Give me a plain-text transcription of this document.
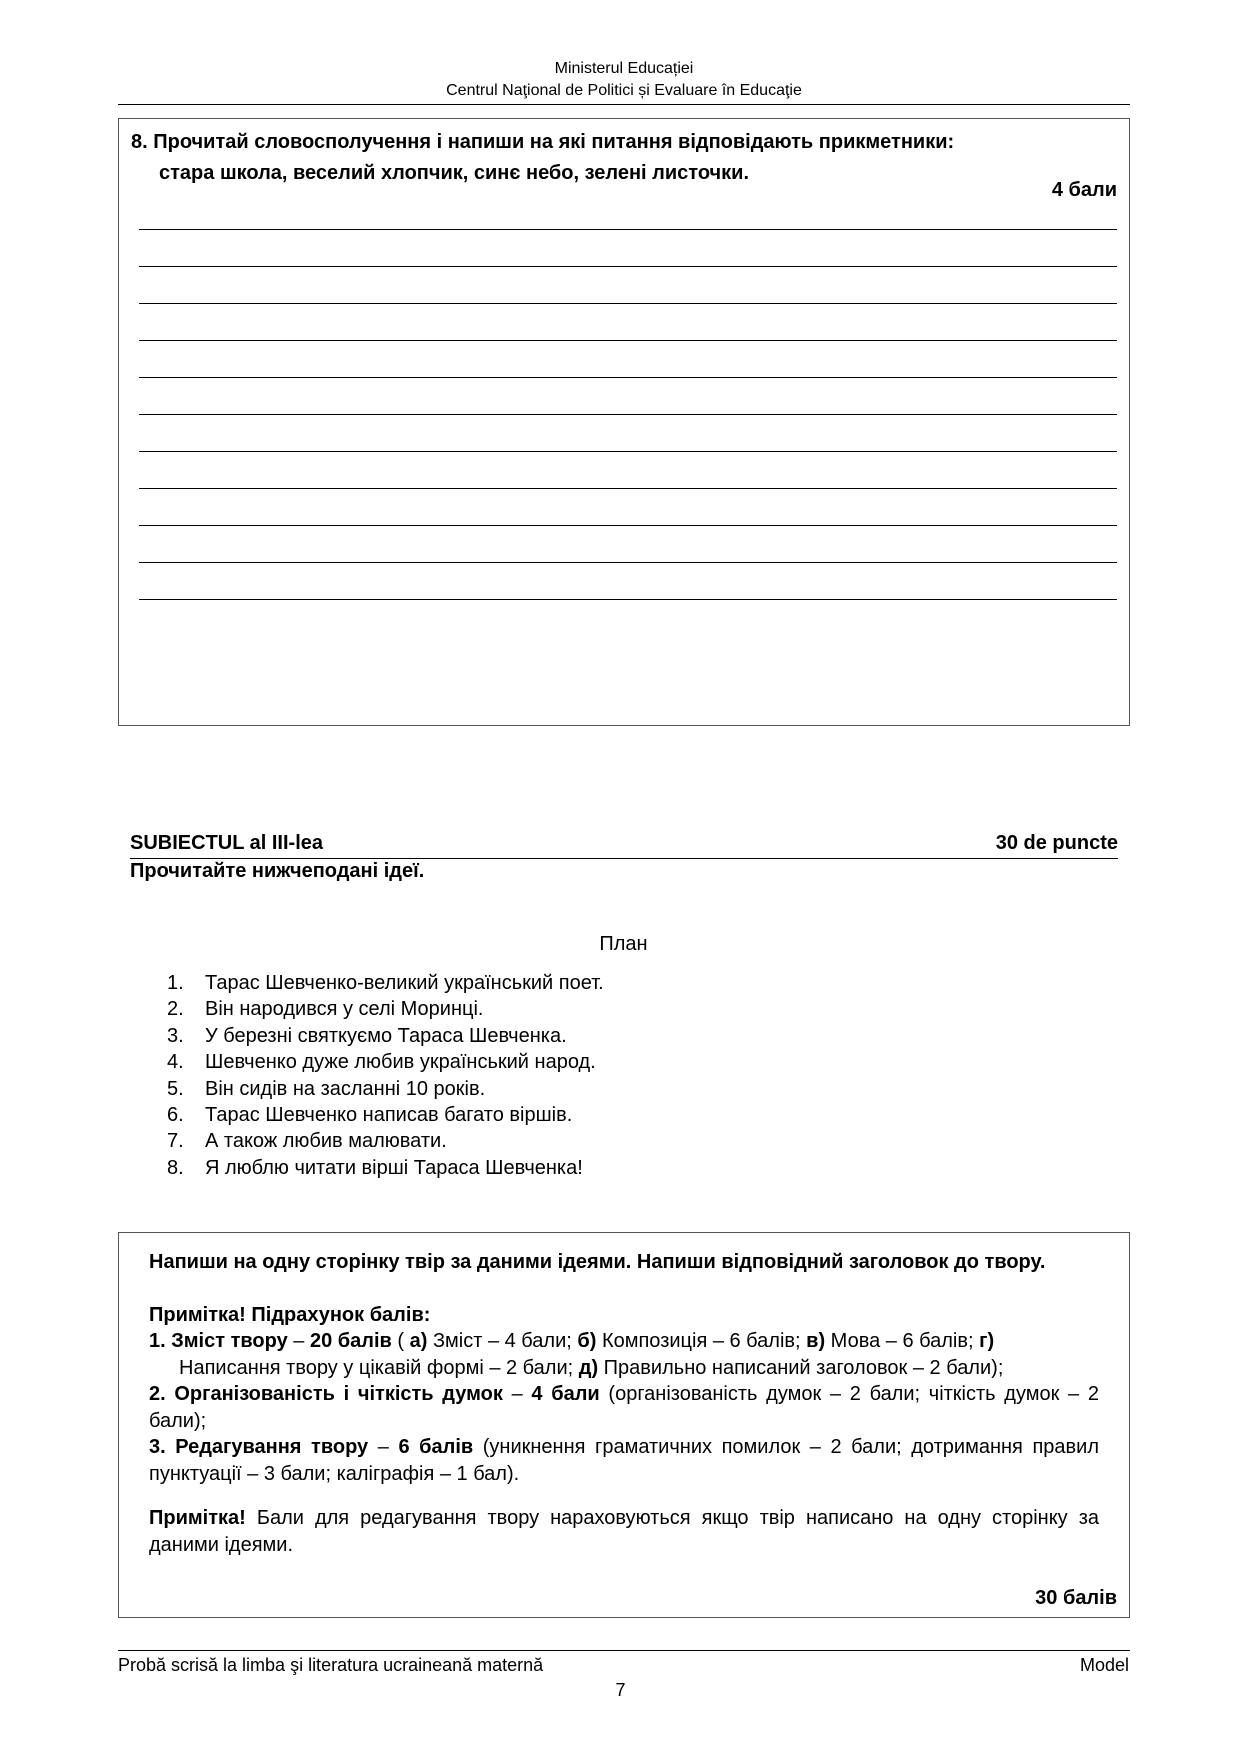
Ministerul Educației
Centrul Naţional de Politici și Evaluare în Educaţie
8. Прочитай словосполучення і напиши на які питання відповідають прикметники:
стара школа, веселий хлопчик, синє небо, зелені листочки.
4 бали
SUBIECTUL al III-lea	30 de puncte
Прочитайте нижчеподані ідеї.
План
1.	Тарас Шевченко-великий український поет.
2.	Він народився у селі Моринці.
3.	У березні святкуємо Тараса Шевченка.
4.	Шевченко дуже любив український народ.
5.	Він сидів на засланні 10 років.
6.	Тарас Шевченко написав багато віршів.
7.	А також любив малювати.
8.	Я люблю читати вірші Тараса Шевченка!

Напиши на одну сторінку твір за даними ідеями. Напиши відповідний заголовок до твору.

Примітка! Підрахунок балів:

1. Зміст твору – 20 балів ( а) Зміст – 4 бали; б) Композиція – 6 балів; в) Мова – 6 балів; г)
Написання твору у цікавій формі – 2 бали; д) Правильно написаний заголовок – 2 бали);

2. Організованість і чіткість думок – 4 бали (організованість думок – 2 бали; чіткість думок – 2 бали);

3. Редагування твору – 6 балів (уникнення граматичних помилок – 2 бали; дотримання правил пунктуації – 3 бали; каліграфія – 1 бал).

Примітка! Бали для редагування твору нараховуються якщо твір написано на одну сторінку за даними ідеями.

30 балів
Probă scrisă la limba şi literatura ucraineană maternă	Model
7
